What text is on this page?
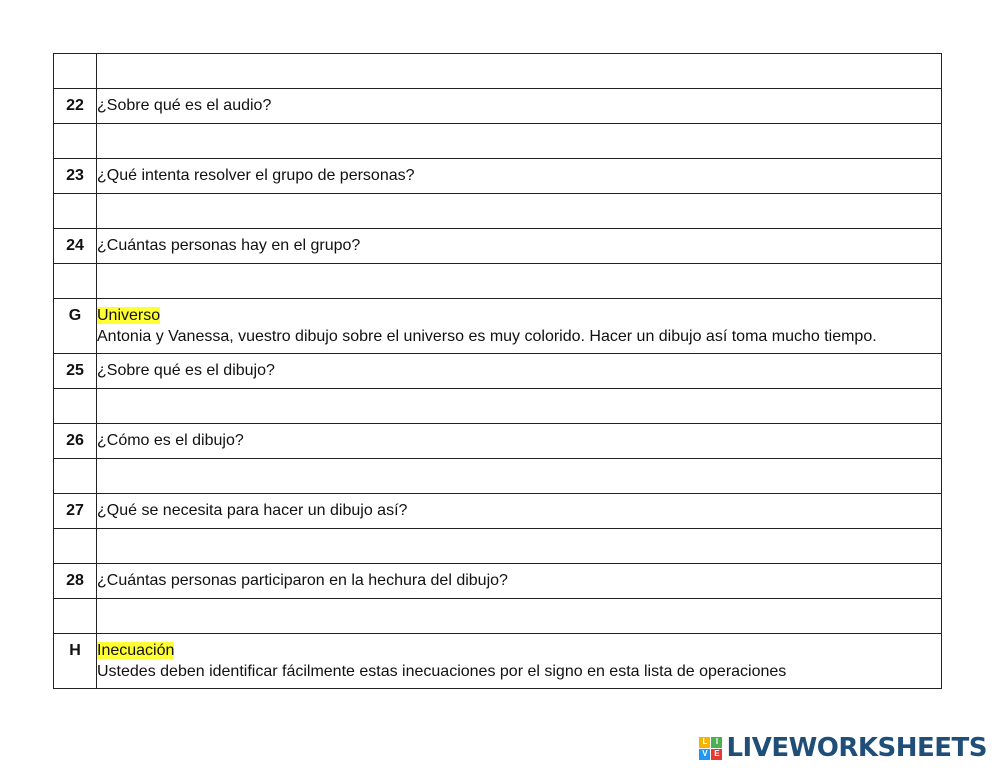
22	¿Sobre qué es el audio?

23	¿Qué intenta resolver el grupo de personas?

24	¿Cuántas personas hay en el grupo?

G	Universo
Antonia y Vanessa, vuestro dibujo sobre el universo es muy colorido. Hacer un dibujo así toma mucho tiempo.
25	¿Sobre qué es el dibujo?

26	¿Cómo es el dibujo?

27	¿Qué se necesita para hacer un dibujo así?

28	¿Cuántas personas participaron en la hechura del dibujo?

H	Inecuación
Ustedes deben identificar fácilmente estas inecuaciones por el signo en esta lista de operaciones
L	I
V E LIVEWORKSHEETS
